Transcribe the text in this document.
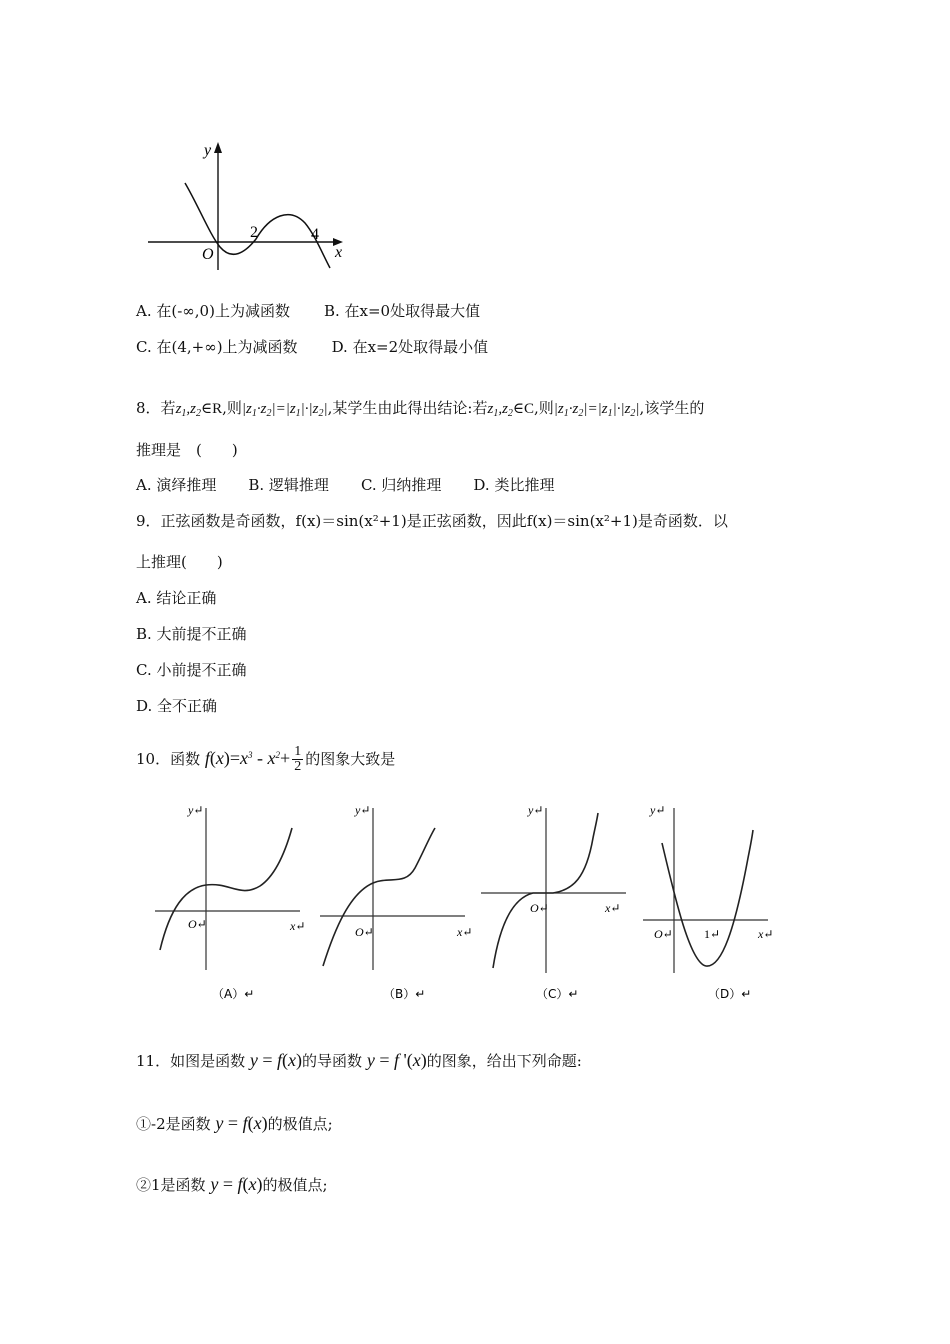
y
x
O
2	4
A. 在(-∞,0)上为减函数 B. 在x=0处取得最大值
C. 在(4,+∞)上为减函数 D. 在x=2处取得最小值
8．若$z_1,z_2\in R$,则$|z_1\cdot z_2|=|z_1|\cdot|z_2|$,某学生由此得出结论:若$z_1,z_2\in C$,则$|z_1\cdot z_2|=|z_1|\cdot|z_2|$,该学生的
推理是　(　　)
A. 演绎推理 B. 逻辑推理 C. 归纳推理 D. 类比推理
9．正弦函数是奇函数，f(x)＝sin(x²+1)是正弦函数，因此f(x)＝sin(x²+1)是奇函数．以
上推理(　　)
A. 结论正确
B. 大前提不正确
C. 小前提不正确
D. 全不正确
10．函数 $f(x)=x^3 - x^2+ \frac{1}{2}$ 的图象大致是
y↵
O↵	x↵
（A）↵
y↵
O↵	x↵
（B）↵
y↵
O↵	x↵
（C）↵
y↵
O↵	1↵	x↵
（D）↵
11．如图是函数 y = f(x)的导函数 y = f '(x)的图象，给出下列命题:
①-2是函数 y = f(x)的极值点;
②1是函数 y = f(x)的极值点;
